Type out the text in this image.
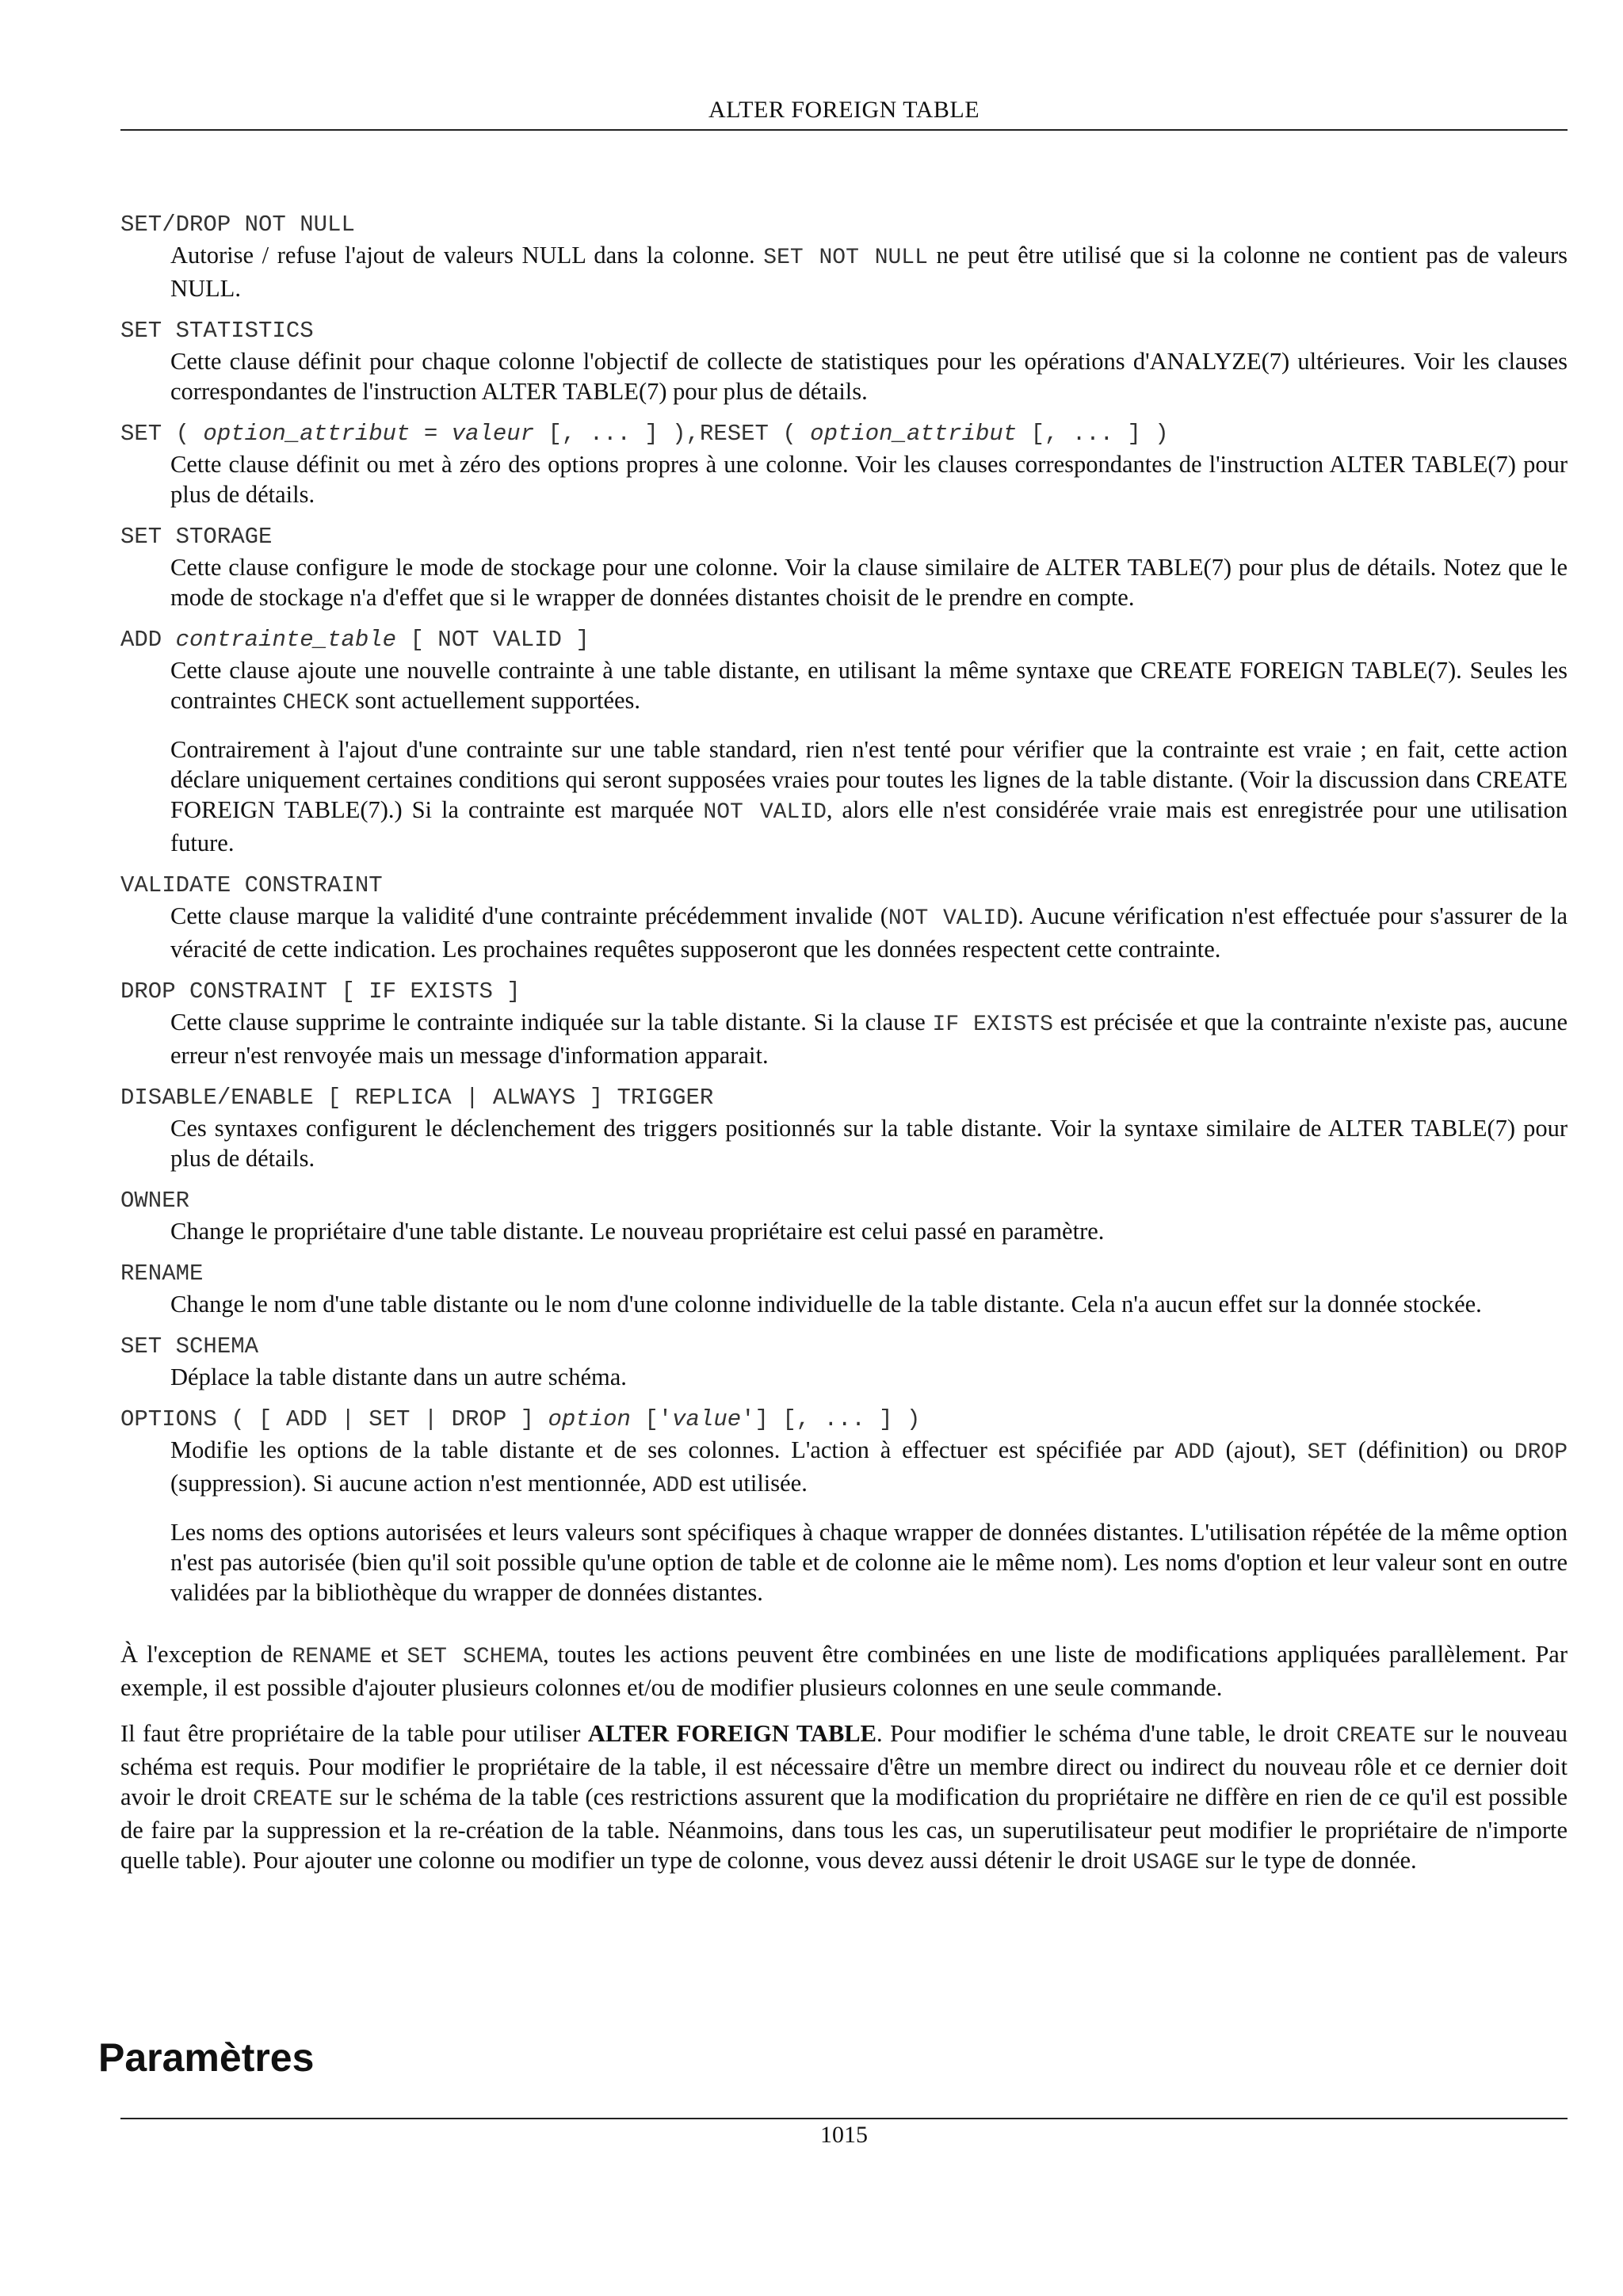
ALTER FOREIGN TABLE
SET/DROP NOT NULL

Autorise / refuse l'ajout de valeurs NULL dans la colonne. SET NOT NULL ne peut être utilisé que si la colonne ne contient pas de valeurs NULL.

SET STATISTICS

Cette clause définit pour chaque colonne l'objectif de collecte de statistiques pour les opérations d'ANALYZE(7) ultérieures. Voir les clauses correspondantes de l'instruction ALTER TABLE(7) pour plus de détails.

SET ( option_attribut = valeur [, ... ] ),RESET ( option_attribut [, ... ] )

Cette clause définit ou met à zéro des options propres à une colonne. Voir les clauses correspondantes de l'instruction ALTER TABLE(7) pour plus de détails.

SET STORAGE

Cette clause configure le mode de stockage pour une colonne. Voir la clause similaire de ALTER TABLE(7) pour plus de détails. Notez que le mode de stockage n'a d'effet que si le wrapper de données distantes choisit de le prendre en compte.

ADD contrainte_table [ NOT VALID ]

Cette clause ajoute une nouvelle contrainte à une table distante, en utilisant la même syntaxe que CREATE FOREIGN TABLE(7). Seules les contraintes CHECK sont actuellement supportées.

Contrairement à l'ajout d'une contrainte sur une table standard, rien n'est tenté pour vérifier que la contrainte est vraie ; en fait, cette action déclare uniquement certaines conditions qui seront supposées vraies pour toutes les lignes de la table distante. (Voir la discussion dans CREATE FOREIGN TABLE(7).) Si la contrainte est marquée NOT VALID, alors elle n'est considérée vraie mais est enregistrée pour une utilisation future.

VALIDATE CONSTRAINT

Cette clause marque la validité d'une contrainte précédemment invalide (NOT VALID). Aucune vérification n'est effectuée pour s'assurer de la véracité de cette indication. Les prochaines requêtes supposeront que les données respectent cette contrainte.

DROP CONSTRAINT [ IF EXISTS ]

Cette clause supprime le contrainte indiquée sur la table distante. Si la clause IF EXISTS est précisée et que la contrainte n'existe pas, aucune erreur n'est renvoyée mais un message d'information apparait.

DISABLE/ENABLE [ REPLICA | ALWAYS ] TRIGGER

Ces syntaxes configurent le déclenchement des triggers positionnés sur la table distante. Voir la syntaxe similaire de ALTER TABLE(7) pour plus de détails.

OWNER

Change le propriétaire d'une table distante. Le nouveau propriétaire est celui passé en paramètre.

RENAME

Change le nom d'une table distante ou le nom d'une colonne individuelle de la table distante. Cela n'a aucun effet sur la donnée stockée.

SET SCHEMA

Déplace la table distante dans un autre schéma.

OPTIONS ( [ ADD | SET | DROP ] option ['value'] [, ... ] )

Modifie les options de la table distante et de ses colonnes. L'action à effectuer est spécifiée par ADD (ajout), SET (définition) ou DROP (suppression). Si aucune action n'est mentionnée, ADD est utilisée.

Les noms des options autorisées et leurs valeurs sont spécifiques à chaque wrapper de données distantes. L'utilisation répétée de la même option n'est pas autorisée (bien qu'il soit possible qu'une option de table et de colonne aie le même nom). Les noms d'option et leur valeur sont en outre validées par la bibliothèque du wrapper de données distantes.

À l'exception de RENAME et SET SCHEMA, toutes les actions peuvent être combinées en une liste de modifications appliquées parallèlement. Par exemple, il est possible d'ajouter plusieurs colonnes et/ou de modifier plusieurs colonnes en une seule commande.

Il faut être propriétaire de la table pour utiliser ALTER FOREIGN TABLE. Pour modifier le schéma d'une table, le droit CREATE sur le nouveau schéma est requis. Pour modifier le propriétaire de la table, il est nécessaire d'être un membre direct ou indirect du nouveau rôle et ce dernier doit avoir le droit CREATE sur le schéma de la table (ces restrictions assurent que la modification du propriétaire ne diffère en rien de ce qu'il est possible de faire par la suppression et la re-création de la table. Néanmoins, dans tous les cas, un superutilisateur peut modifier le propriétaire de n'importe quelle table). Pour ajouter une colonne ou modifier un type de colonne, vous devez aussi détenir le droit USAGE sur le type de donnée.

Paramètres
1015
